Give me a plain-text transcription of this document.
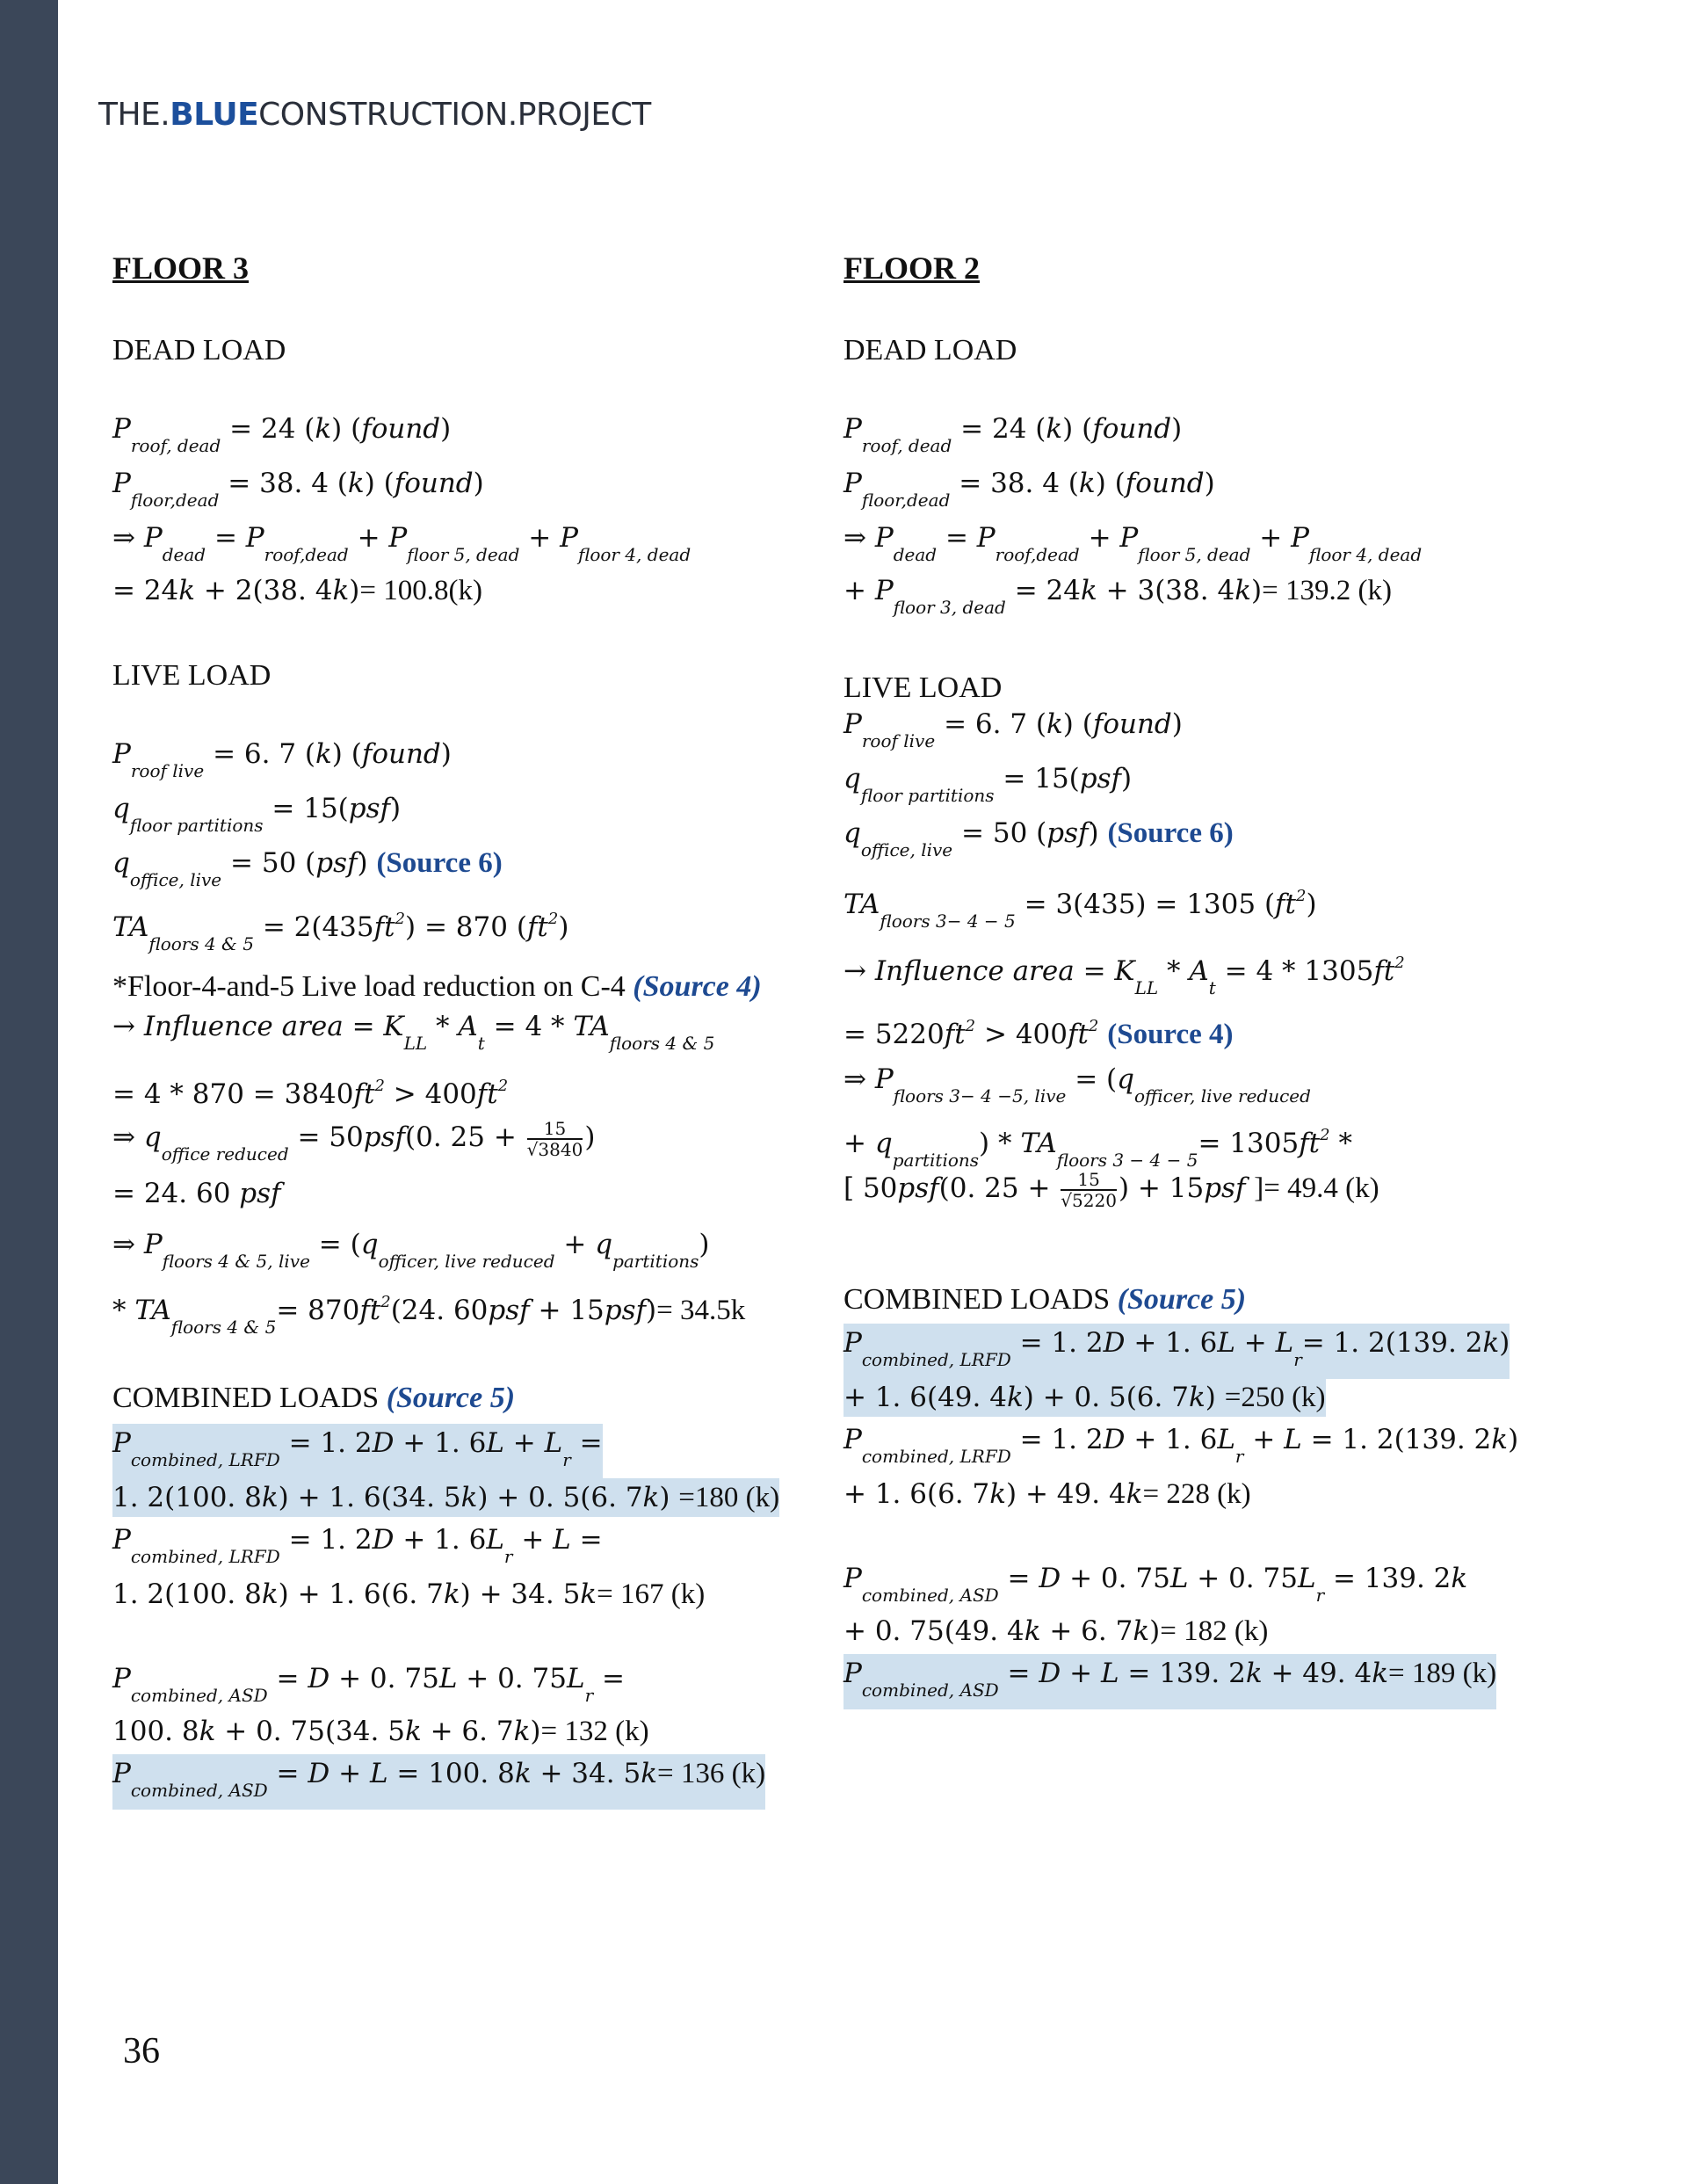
THE.BLUECONSTRUCTION.PROJECT

FLOOR 3

DEAD LOAD
$P_{roof, dead} = 24$ (k) (found)
$P_{floor,dead} = 38$. 4 (k) (found)
⇒ $P_{dead} = P_{roof,dead} + P_{floor 5, dead} + P_{floor 4, dead}$
= 24k + 2(38. 4k)= 100.8(k)
LIVE LOAD
$P_{roof live} = 6$. 7 (k) (found)
$q_{floor partitions} = 15(psf)$
$q_{office, live} = 50$ (psf) (Source 6)
$TA_{floors 4 \& 5} = 2(435ft^2) = 870$ $(ft^2)$
*Floor-4-and-5 Live load reduction on C-4 (Source 4)
→ Influence area = $K_{LL} * A_t = 4 * TA_{floors 4 \& 5}$
= $4 * 870 = 3840ft^2 > 400ft^2$
⇒ $q_{office reduced} = 50psf(0$. $25 + \frac{15}{√3840}$ )
= 24. 60 psf
⇒ $P_{floors 4 \& 5, live} = (q_{officer, live reduced} + q_{partitions})$
* $TA_{floors 4 \& 5}= 870ft^2(24$. 60psf + 15psf)= 34.5k
COMBINED LOADS (Source 5)
$P_{combined, LRFD} = 1$. 2D + 1. $6L + L_r$ =
1. 2(100. 8k) + 1. 6(34. 5k) + 0. 5(6. 7k) =180 (k)
$P_{combined, LRFD} = 1$. 2D + 1. $6L_r + L$ =
1. 2(100. 8k) + 1. 6(6. 7k) + 34. 5k= 167 (k)
$P_{combined, ASD} = D + 0$. 75L + 0. $75L_r$ =
100. 8k + 0. 75(34. 5k + 6. 7k)= 132 (k)
$P_{combined, ASD} = D + L = 100$. 8k + 34. 5k= 136 (k)

FLOOR 2

DEAD LOAD
$P_{roof, dead} = 24$ (k) (found)
$P_{floor,dead} = 38$. 4 (k) (found)
⇒ $P_{dead} = P_{roof,dead} + P_{floor 5, dead} + P_{floor 4, dead}$
+ $P_{floor 3, dead} = 24k + 3(38$. 4k)= 139.2 (k)
LIVE LOAD
$P_{roof live} = 6$. 7 (k) (found)
$q_{floor partitions} = 15(psf)$
$q_{office, live} = 50$ (psf) (Source 6)
$TA_{floors 3- 4 - 5} = 3(435) = 1305$ $(ft^2)$
→ Influence area = $K_{LL} * A_t = 4 * 1305ft^2$
= $5220ft^2 > 400ft^2$ (Source 4)
⇒ $P_{floors 3- 4 -5, live} = (q_{officer, live reduced}$
+ $q_{partitions}) * TA_{floors 3 - 4 - 5}= 1305ft^2$ *
[ 50psf(0. $25 + \frac{15}{√5220}$ ) + 15psf ]= 49.4 (k)
COMBINED LOADS (Source 5)
$P_{combined, LRFD} = 1$. 2D + 1. $6L + L_r= 1$. 2(139. 2k)
+ 1. 6(49. 4k) + 0. 5(6. 7k) =250 (k)
$P_{combined, LRFD} = 1$. 2D + 1. $6L_r + L = 1$. 2(139. 2k)
+ 1. 6(6. 7k) + 49. 4k= 228 (k)
$P_{combined, ASD} = D + 0$. 75L + 0. $75L_r = 139$. 2k
+ 0. 75(49. 4k + 6. 7k)= 182 (k)
$P_{combined, ASD} = D + L = 139$. 2k + 49. 4k= 189 (k)
36
